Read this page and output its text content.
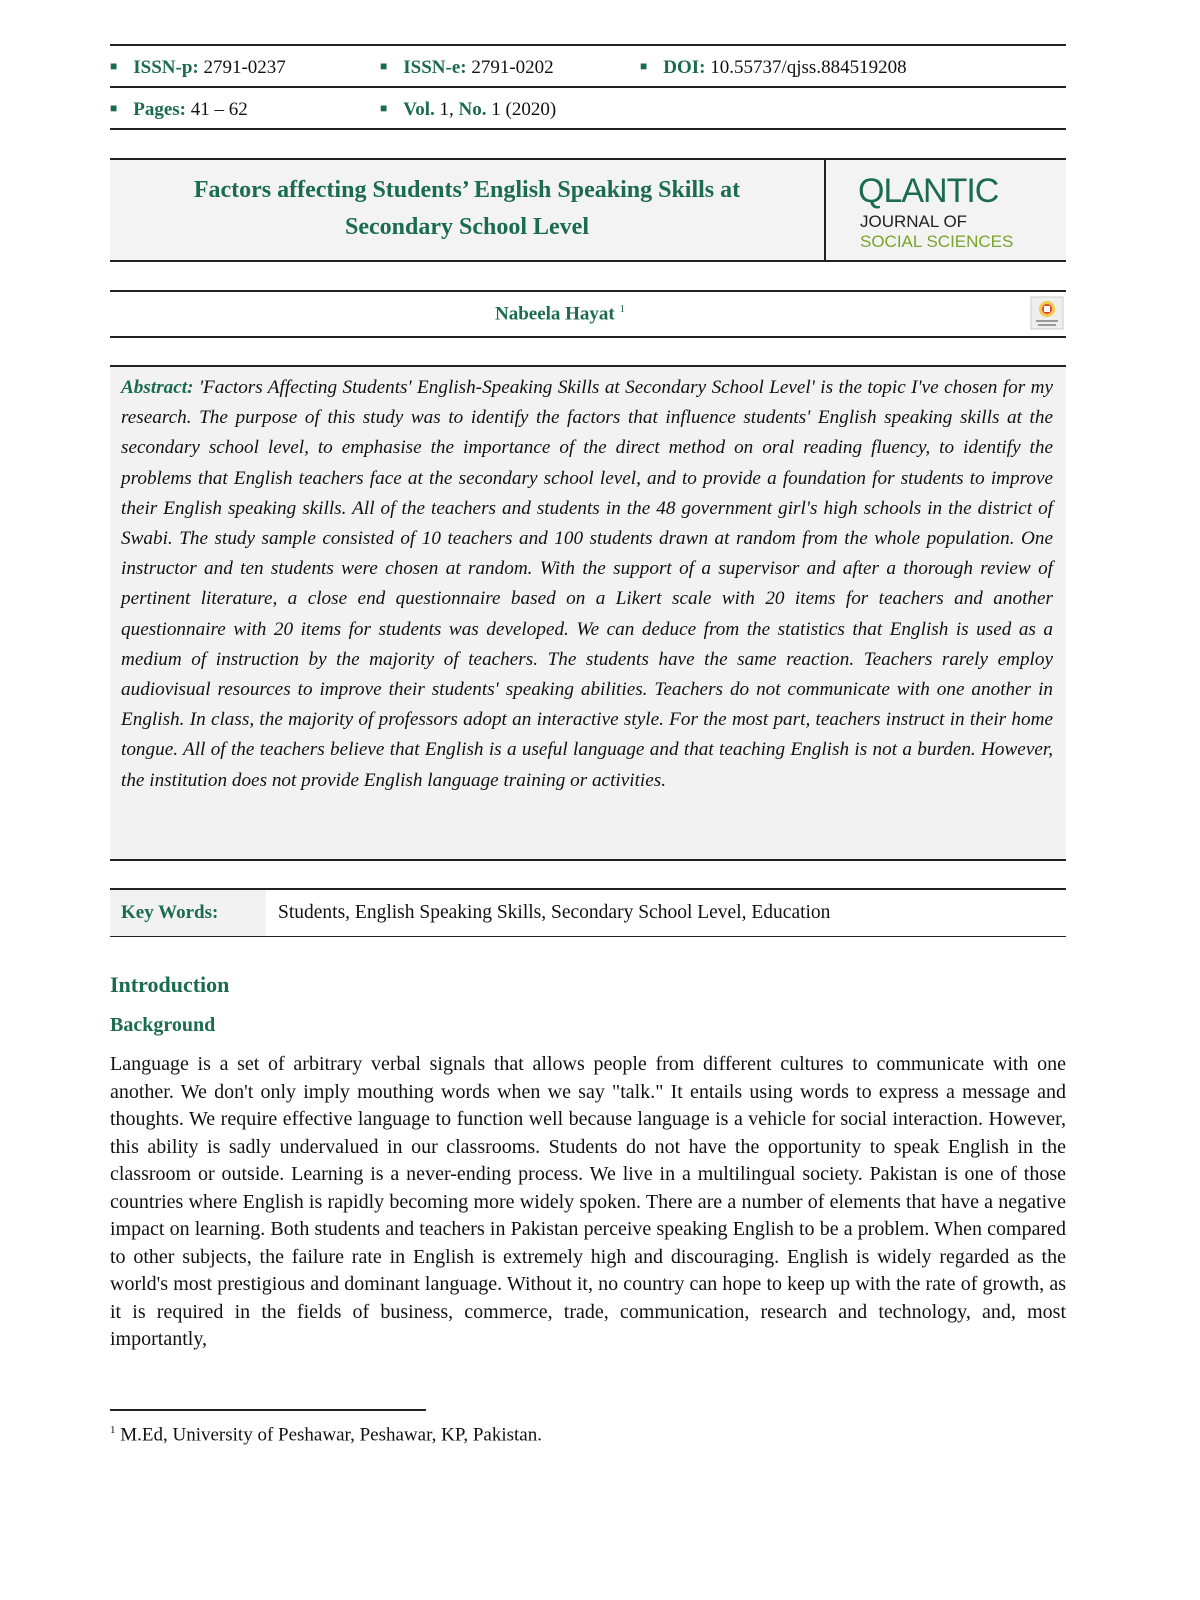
■ ISSN-p: 2791-0237	■ ISSN-e: 2791-0202	■ DOI: 10.55737/qjss.884519208
■ Pages: 41 – 62	■ Vol. 1, No. 1 (2020)
Factors affecting Students’ English Speaking Skills at
Secondary School Level
QLANTIC
JOURNAL OF
SOCIAL SCIENCES
Nabeela Hayat $^1$
Abstract: 'Factors Affecting Students' English-Speaking Skills at Secondary School Level' is the topic I've chosen for my research. The purpose of this study was to identify the factors that influence students' English speaking skills at the secondary school level, to emphasise the importance of the direct method on oral reading fluency, to identify the problems that English teachers face at the secondary school level, and to provide a foundation for students to improve their English speaking skills. All of the teachers and students in the 48 government girl's high schools in the district of Swabi. The study sample consisted of 10 teachers and 100 students drawn at random from the whole population. One instructor and ten students were chosen at random. With the support of a supervisor and after a thorough review of pertinent literature, a close end questionnaire based on a Likert scale with 20 items for teachers and another questionnaire with 20 items for students was developed. We can deduce from the statistics that English is used as a medium of instruction by the majority of teachers. The students have the same reaction. Teachers rarely employ audiovisual resources to improve their students' speaking abilities. Teachers do not communicate with one another in English. In class, the majority of professors adopt an interactive style. For the most part, teachers instruct in their home tongue. All of the teachers believe that English is a useful language and that teaching English is not a burden. However, the institution does not provide English language training or activities.
Key Words:	Students, English Speaking Skills, Secondary School Level, Education
Introduction
Background
Language is a set of arbitrary verbal signals that allows people from different cultures to communicate with one another. We don't only imply mouthing words when we say "talk." It entails using words to express a message and thoughts. We require effective language to function well because language is a vehicle for social interaction. However, this ability is sadly undervalued in our classrooms. Students do not have the opportunity to speak English in the classroom or outside. Learning is a never-ending process. We live in a multilingual society. Pakistan is one of those countries where English is rapidly becoming more widely spoken. There are a number of elements that have a negative impact on learning. Both students and teachers in Pakistan perceive speaking English to be a problem. When compared to other subjects, the failure rate in English is extremely high and discouraging. English is widely regarded as the world's most prestigious and dominant language. Without it, no country can hope to keep up with the rate of growth, as it is required in the fields of business, commerce, trade, communication, research and technology, and, most importantly,
$^1$ M.Ed, University of Peshawar, Peshawar, KP, Pakistan.
